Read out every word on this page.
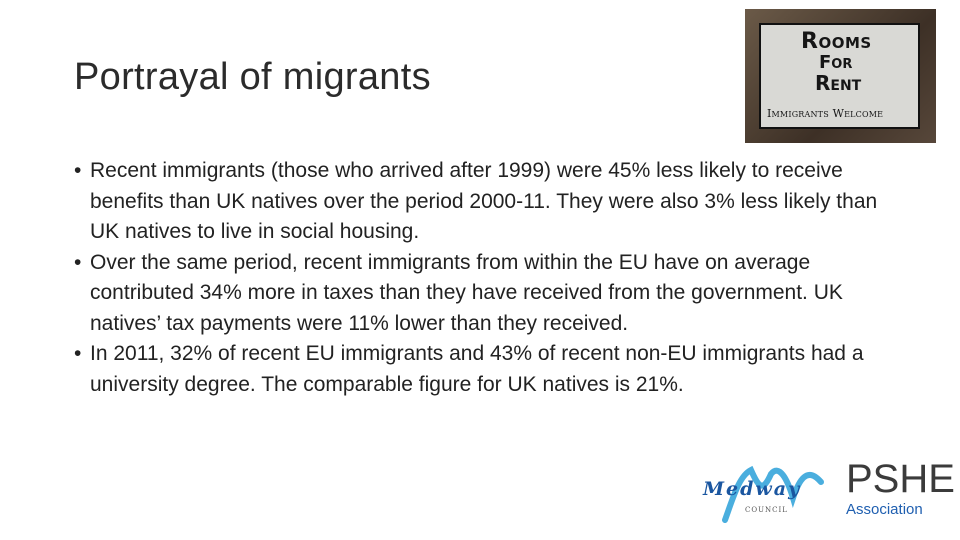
Portrayal of migrants
Rooms
For
Rent
Immigrants Welcome
• Recent immigrants (those who arrived after 1999) were 45% less likely to receive benefits than UK natives over the period 2000-11. They were also 3% less likely than UK natives to live in social housing.
• Over the same period, recent immigrants from within the EU have on average contributed 34% more in taxes than they have received from the government. UK natives’ tax payments were 11% lower than they received.
• In 2011, 32% of recent EU immigrants and 43% of recent non-EU immigrants had a university degree. The comparable figure for UK natives is 21%.
Medway
COUNCIL
PSHE
Association
